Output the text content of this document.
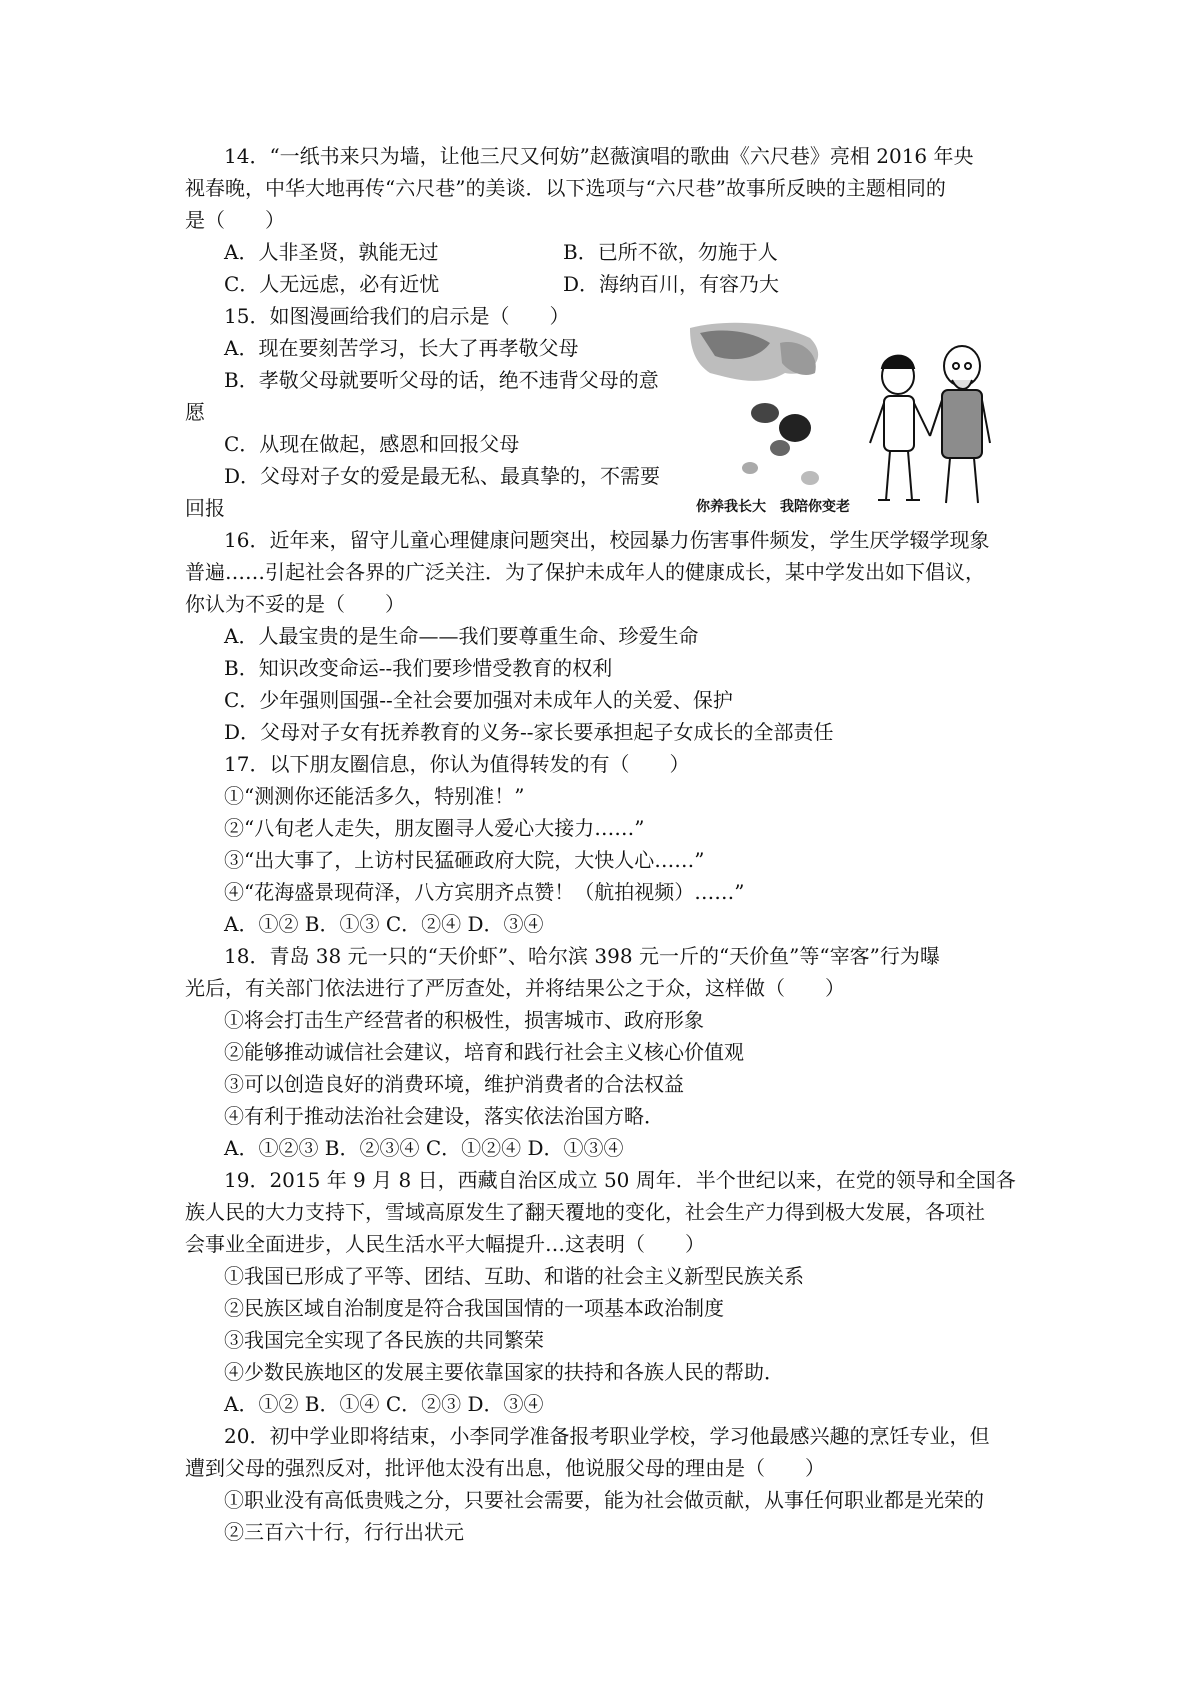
14．“一纸书来只为墙，让他三尺又何妨”赵薇演唱的歌曲《六尺巷》亮相 2016 年央
视春晚，中华大地再传“六尺巷”的美谈．以下选项与“六尺巷”故事所反映的主题相同的
是（　　）
A．人非圣贤，孰能无过	B．已所不欲，勿施于人
C．人无远虑，必有近忧	D．海纳百川，有容乃大
15．如图漫画给我们的启示是（　　）
A．现在要刻苦学习，长大了再孝敬父母
B．孝敬父母就要听父母的话，绝不违背父母的意
愿
C．从现在做起，感恩和回报父母
D．父母对子女的爱是最无私、最真挚的，不需要
回报	你养我长大　我陪你变老
16．近年来，留守儿童心理健康问题突出，校园暴力伤害事件频发，学生厌学辍学现象
普遍……引起社会各界的广泛关注．为了保护未成年人的健康成长，某中学发出如下倡议，
你认为不妥的是（　　）
A．人最宝贵的是生命——我们要尊重生命、珍爱生命
B．知识改变命运--我们要珍惜受教育的权利
C．少年强则国强--全社会要加强对未成年人的关爱、保护
D．父母对子女有抚养教育的义务--家长要承担起子女成长的全部责任
17．以下朋友圈信息，你认为值得转发的有（　　）
①“测测你还能活多久，特别准！”
②“八旬老人走失，朋友圈寻人爱心大接力……”
③“出大事了，上访村民猛砸政府大院，大快人心……”
④“花海盛景现荷泽，八方宾朋齐点赞！（航拍视频）……”
A．①② B．①③ C．②④ D．③④
18．青岛 38 元一只的“天价虾”、哈尔滨 398 元一斤的“天价鱼”等“宰客”行为曝
光后，有关部门依法进行了严厉查处，并将结果公之于众，这样做（　　）
①将会打击生产经营者的积极性，损害城市、政府形象
②能够推动诚信社会建议，培育和践行社会主义核心价值观
③可以创造良好的消费环境，维护消费者的合法权益
④有利于推动法治社会建设，落实依法治国方略．
A．①②③ B．②③④ C．①②④ D．①③④
19．2015 年 9 月 8 日，西藏自治区成立 50 周年．半个世纪以来，在党的领导和全国各
族人民的大力支持下，雪域高原发生了翻天覆地的变化，社会生产力得到极大发展，各项社
会事业全面进步，人民生活水平大幅提升…这表明（　　）
①我国已形成了平等、团结、互助、和谐的社会主义新型民族关系
②民族区域自治制度是符合我国国情的一项基本政治制度
③我国完全实现了各民族的共同繁荣
④少数民族地区的发展主要依靠国家的扶持和各族人民的帮助．
A．①② B．①④ C．②③ D．③④
20．初中学业即将结束，小李同学准备报考职业学校，学习他最感兴趣的烹饪专业，但
遭到父母的强烈反对，批评他太没有出息，他说服父母的理由是（　　）
①职业没有高低贵贱之分，只要社会需要，能为社会做贡献，从事任何职业都是光荣的
②三百六十行，行行出状元
